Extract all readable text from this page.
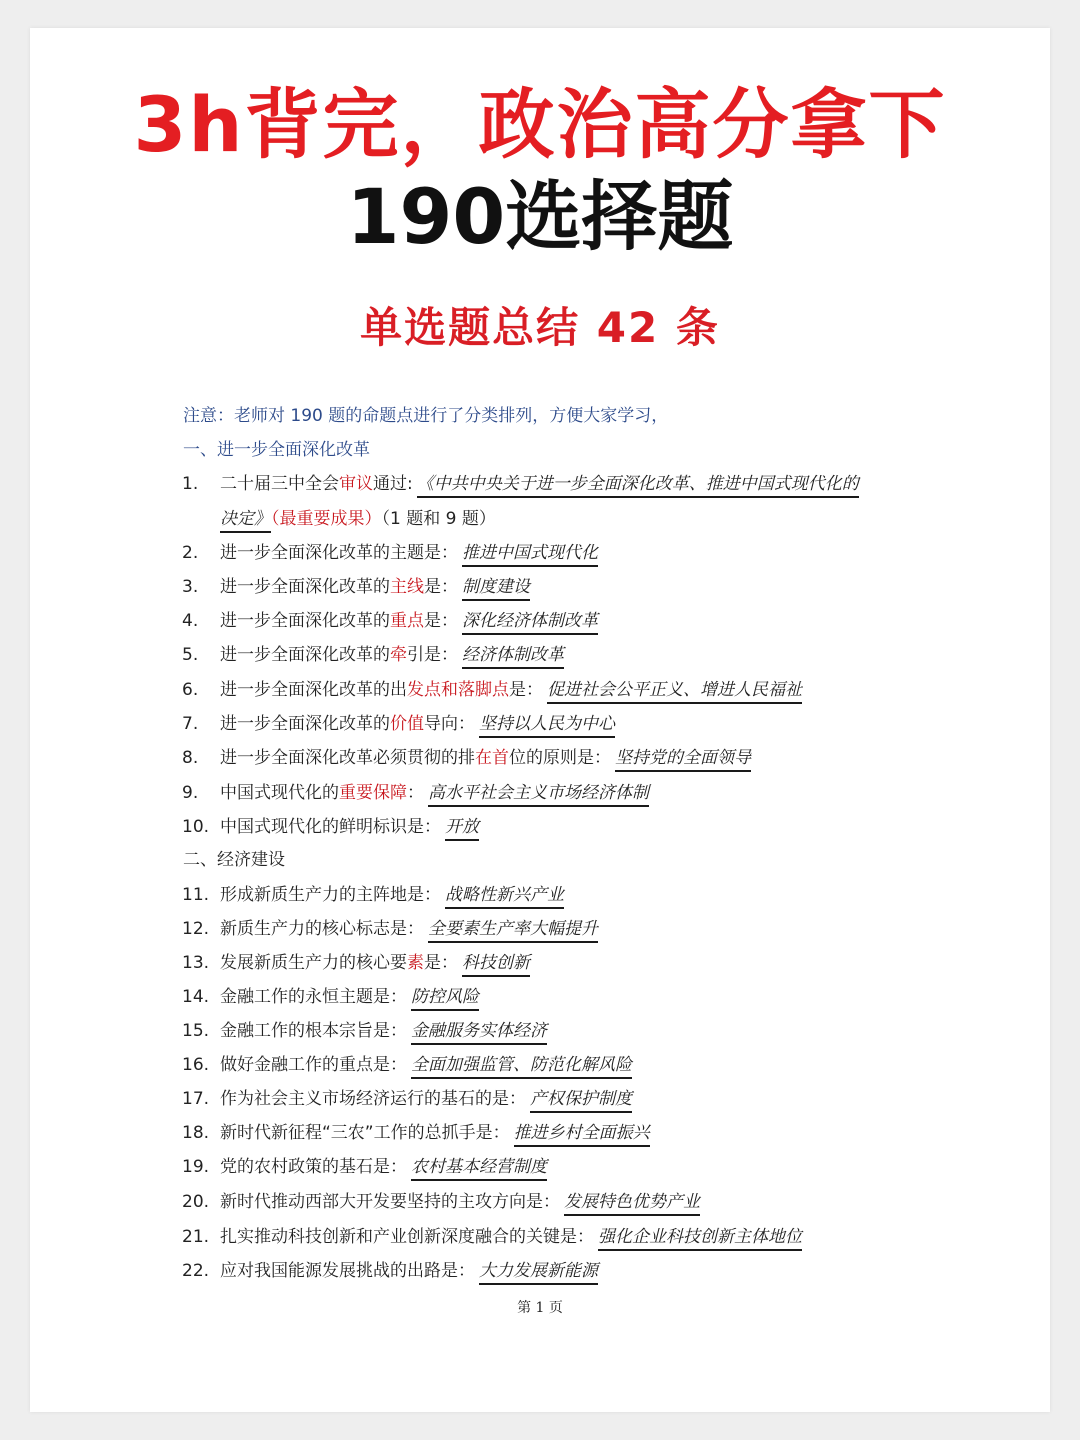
3h背完，政治高分拿下
190选择题
单选题总结 42 条
注意：老师对 190 题的命题点进行了分类排列，方便大家学习，
一、进一步全面深化改革
1. 二十届三中全会审议通过: 《中共中央关于进一步全面深化改革、推进中国式现代化的
决定》（最重要成果）（1 题和 9 题）
2. 进一步全面深化改革的主题是： 推进中国式现代化
3. 进一步全面深化改革的主线是： 制度建设
4. 进一步全面深化改革的重点是： 深化经济体制改革
5. 进一步全面深化改革的牵引是： 经济体制改革
6. 进一步全面深化改革的出发点和落脚点是： 促进社会公平正义、增进人民福祉
7. 进一步全面深化改革的价值导向： 坚持以人民为中心
8. 进一步全面深化改革必须贯彻的排在首位的原则是： 坚持党的全面领导
9. 中国式现代化的重要保障： 高水平社会主义市场经济体制
10. 中国式现代化的鲜明标识是： 开放
二、经济建设
11. 形成新质生产力的主阵地是： 战略性新兴产业
12. 新质生产力的核心标志是： 全要素生产率大幅提升
13. 发展新质生产力的核心要素是： 科技创新
14. 金融工作的永恒主题是： 防控风险
15. 金融工作的根本宗旨是： 金融服务实体经济
16. 做好金融工作的重点是： 全面加强监管、防范化解风险
17. 作为社会主义市场经济运行的基石的是： 产权保护制度
18. 新时代新征程“三农”工作的总抓手是： 推进乡村全面振兴
19. 党的农村政策的基石是： 农村基本经营制度
20. 新时代推动西部大开发要坚持的主攻方向是： 发展特色优势产业
21. 扎实推动科技创新和产业创新深度融合的关键是： 强化企业科技创新主体地位
22. 应对我国能源发展挑战的出路是： 大力发展新能源
第 1 页
